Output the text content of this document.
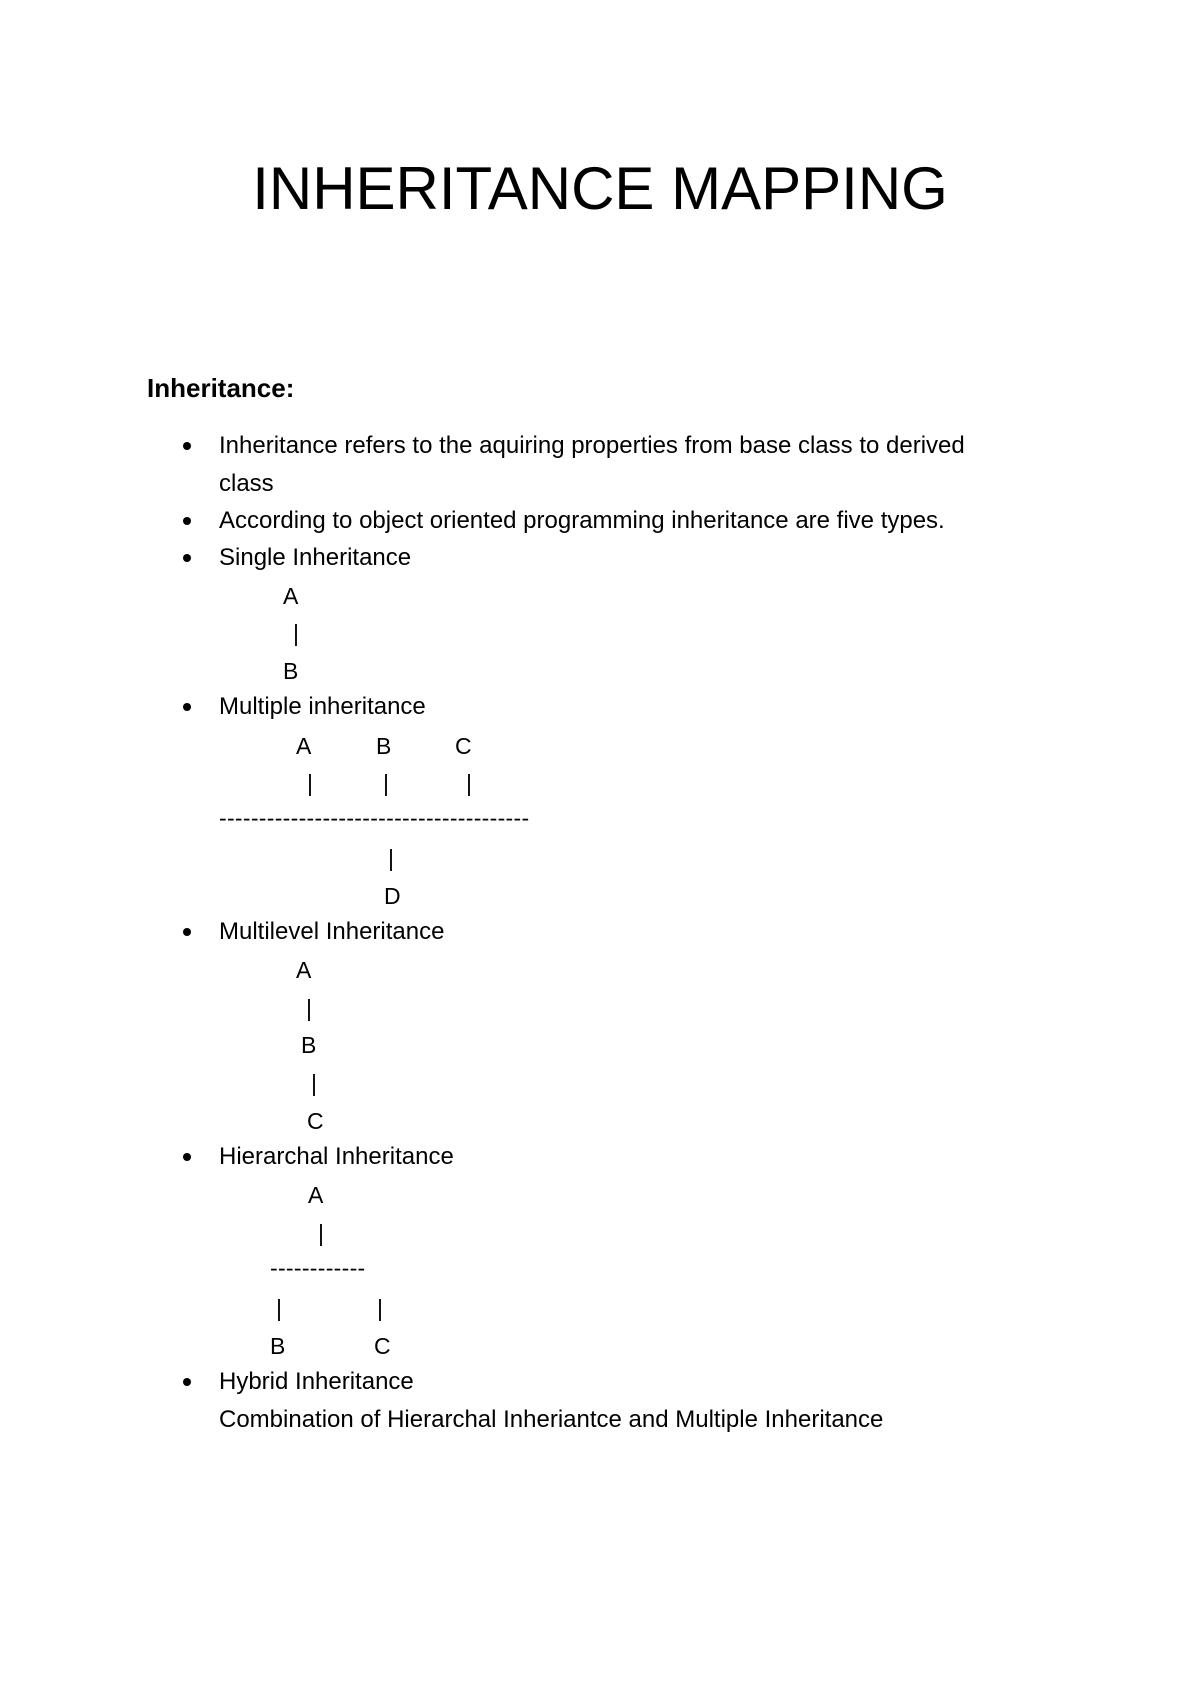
INHERITANCE MAPPING
Inheritance:
Inheritance refers to the aquiring properties from base class to derived
class
According to object oriented programming inheritance are five types.
Single Inheritance
A
|
B
Multiple inheritance
A	B	C
|	|	|
---------------------------------------
|
D
Multilevel Inheritance
A
|
B
|
C
Hierarchal Inheritance
A
|
------------
|	|
B	C
Hybrid Inheritance
Combination of Hierarchal Inheriantce and Multiple Inheritance
